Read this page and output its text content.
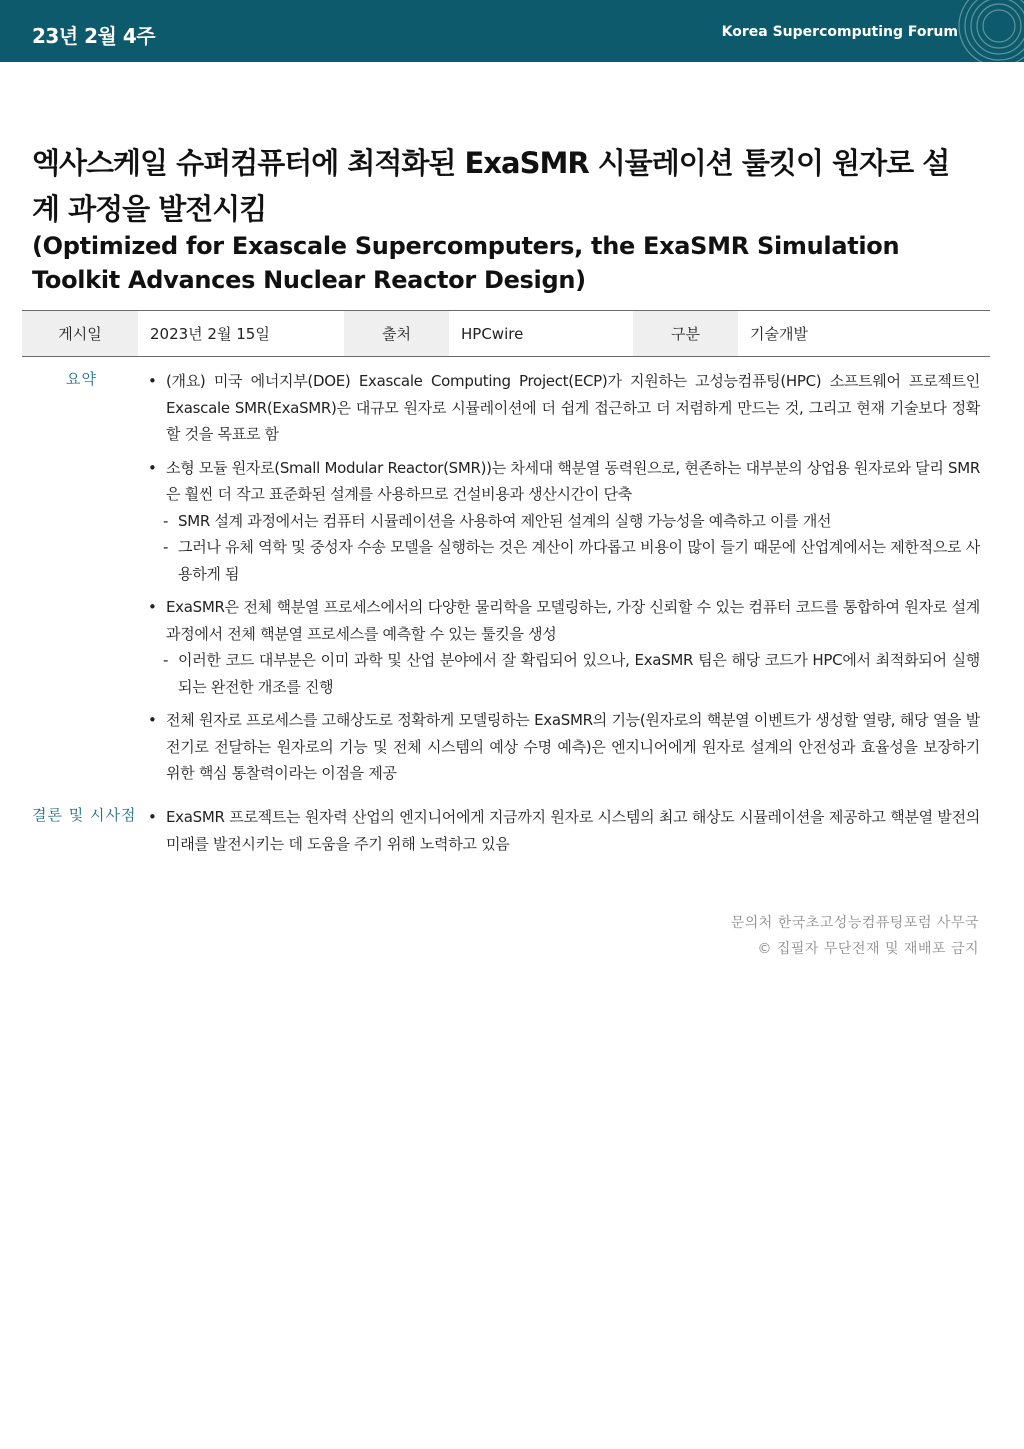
23년 2월 4주	Korea Supercomputing Forum
엑사스케일 슈퍼컴퓨터에 최적화된 ExaSMR 시뮬레이션 툴킷이 원자로 설계 과정을 발전시킴
(Optimized for Exascale Supercomputers, the ExaSMR Simulation Toolkit Advances Nuclear Reactor Design)
게시일	2023년 2월 15일	출처	HPCwire	구분	기술개발
요약	• (개요) 미국 에너지부(DOE) Exascale Computing Project(ECP)가 지원하는 고성능컴퓨팅(HPC) 소프트웨어 프로젝트인 Exascale SMR(ExaSMR)은 대규모 원자로 시뮬레이션에 더 쉽게 접근하고 더 저렴하게 만드는 것, 그리고 현재 기술보다 정확할 것을 목표로 함
• 소형 모듈 원자로(Small Modular Reactor(SMR))는 차세대 핵분열 동력원으로, 현존하는 대부분의 상업용 원자로와 달리 SMR은 훨씬 더 작고 표준화된 설계를 사용하므로 건설비용과 생산시간이 단축
- SMR 설계 과정에서는 컴퓨터 시뮬레이션을 사용하여 제안된 설계의 실행 가능성을 예측하고 이를 개선
- 그러나 유체 역학 및 중성자 수송 모델을 실행하는 것은 계산이 까다롭고 비용이 많이 들기 때문에 산업계에서는 제한적으로 사용하게 됨
• ExaSMR은 전체 핵분열 프로세스에서의 다양한 물리학을 모델링하는, 가장 신뢰할 수 있는 컴퓨터 코드를 통합하여 원자로 설계 과정에서 전체 핵분열 프로세스를 예측할 수 있는 툴킷을 생성
- 이러한 코드 대부분은 이미 과학 및 산업 분야에서 잘 확립되어 있으나, ExaSMR 팀은 해당 코드가 HPC에서 최적화되어 실행되는 완전한 개조를 진행
• 전체 원자로 프로세스를 고해상도로 정확하게 모델링하는 ExaSMR의 기능(원자로의 핵분열 이벤트가 생성할 열량, 해당 열을 발전기로 전달하는 원자로의 기능 및 전체 시스템의 예상 수명 예측)은 엔지니어에게 원자로 설계의 안전성과 효율성을 보장하기 위한 핵심 통찰력이라는 이점을 제공
결론 및 시사점 • ExaSMR 프로젝트는 원자력 산업의 엔지니어에게 지금까지 원자로 시스템의 최고 해상도 시뮬레이션을 제공하고 핵분열 발전의 미래를 발전시키는 데 도움을 주기 위해 노력하고 있음
문의처 한국초고성능컴퓨팅포럼 사무국
© 집필자 무단전재 및 재배포 금지
